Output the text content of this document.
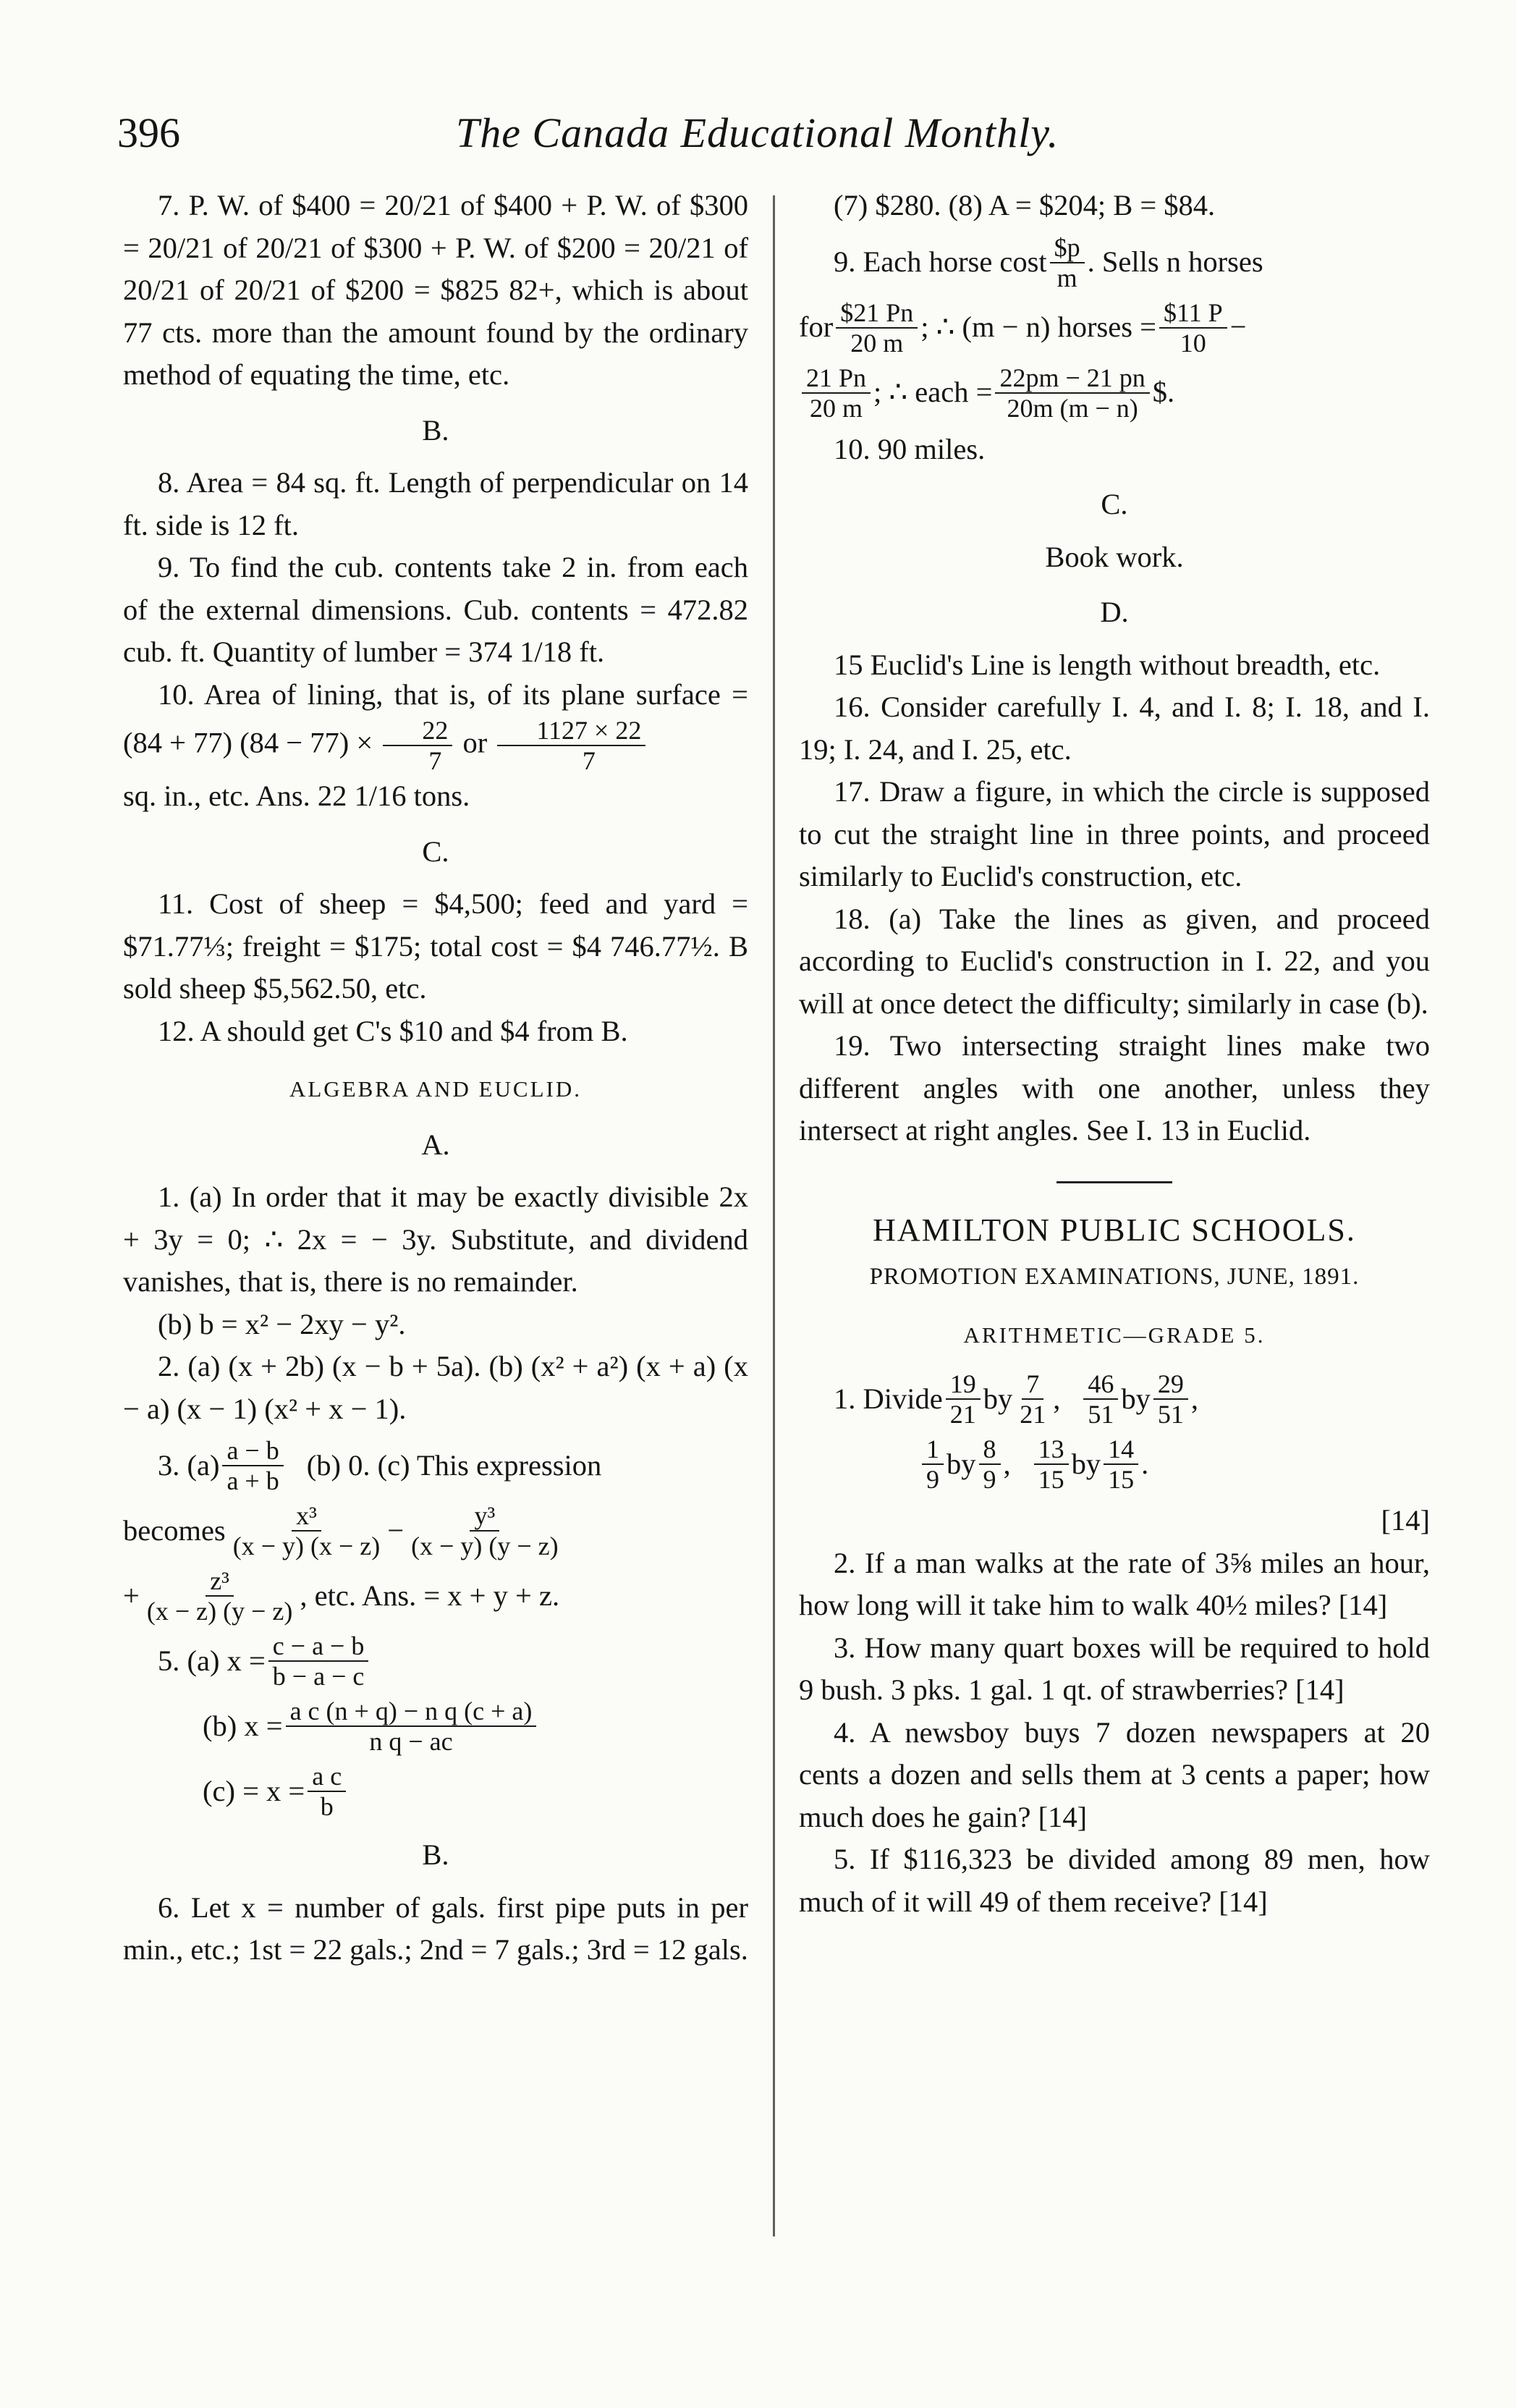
396	The Canada Educational Monthly.

7. P. W. of $400 = 20/21 of $400 + P. W. of $300 = 20/21 of 20/21 of $300 + P. W. of $200 = 20/21 of 20/21 of 20/21 of $200 = $825 82+, which is about 77 cts. more than the amount found by the ordinary method of equating the time, etc.

B.

8. Area = 84 sq. ft. Length of perpendicular on 14 ft. side is 12 ft.

9. To find the cub. contents take 2 in. from each of the external dimensions. Cub. contents = 472.82 cub. ft. Quantity of lumber = 374 1/18 ft.

10. Area of lining, that is, of its plane surface = (84 + 77) $(84 - 77) \times \frac{22}{7}$ or $\frac{1127 \times 22}{7}$

sq. in., etc. Ans. 22 1/16 tons.

C.

11. Cost of sheep = $4,500; feed and yard = $71.77⅓; freight = $175; total cost = $4 746.77½. B sold sheep $5,562.50, etc.

12. A should get C's $10 and $4 from B.

ALGEBRA AND EUCLID.
A.

1. (a) In order that it may be exactly divisible 2x + 3y = 0; ∴ 2x = − 3y. Substitute, and dividend vanishes, that is, there is no remainder.

(b) b = x² − 2xy − y².

2. (a) (x + 2b) (x − b + 5a). (b) (x² + a²) (x + a) (x − a) (x − 1) (x² + x − 1).

3. $(a) \frac{a - b}{a + b} (b)$ 0. (c) This expression
becomes $\frac{\text{x³}}{(x - y) (x - z)} - \frac{\text{y³}}{(x - y) (y - z)}$
+ $\frac{\text{z³}}{(x - z) (y - z)}$ , etc. Ans. = x + y + z.
5. (a) $x = \frac{c - a - b}{b - a - c}$
(b) $x = \frac{\text{a c (n + q) − n q (c + a)}}{\text{n q − ac}}$
$(c) = x = \frac{\text{a c}}{b}$
B.

6. Let x = number of gals. first pipe puts in per min., etc.; 1st = 22 gals.; 2nd = 7 gals.; 3rd = 12 gals.

(7) $280. (8) A = $204; B = $84.

9. Each horse cost $\frac{\$p}{m}$ . Sells n horses
for $\frac{\$21 Pn}{20 m}$ ; ∴ (m − n) horses = $\frac{\$11 P}{10}$ −
$\frac{21 Pn}{20 m}$ ; ∴ each = $\frac{22pm - 21 pn}{20m (m - n)}$ $.

10. 90 miles.

C.
Book work.
D.

15 Euclid's Line is length without breadth, etc.

16. Consider carefully I. 4, and I. 8; I. 18, and I. 19; I. 24, and I. 25, etc.

17. Draw a figure, in which the circle is supposed to cut the straight line in three points, and proceed similarly to Euclid's construction, etc.

18. (a) Take the lines as given, and proceed according to Euclid's construction in I. 22, and you will at once detect the difficulty; similarly in case (b).

19. Two intersecting straight lines make two different angles with one another, unless they intersect at right angles. See I. 13 in Euclid.

HAMILTON PUBLIC SCHOOLS.
PROMOTION EXAMINATIONS, JUNE, 1891.
ARITHMETIC—GRADE 5.
1. Divide $\frac{19}{21}$ by $\frac{7}{21}$ , $\frac{46}{51}$ by $\frac{29}{51}$ ,
$\frac{1}{9}$ by $\frac{8}{9}$ , $\frac{13}{15}$ by $\frac{14}{15}$ .
[14]

2. If a man walks at the rate of 3⅝ miles an hour, how long will it take him to walk 40½ miles? [14]

3. How many quart boxes will be required to hold 9 bush. 3 pks. 1 gal. 1 qt. of strawberries? [14]

4. A newsboy buys 7 dozen newspapers at 20 cents a dozen and sells them at 3 cents a paper; how much does he gain? [14]

5. If $116,323 be divided among 89 men, how much of it will 49 of them receive? [14]
